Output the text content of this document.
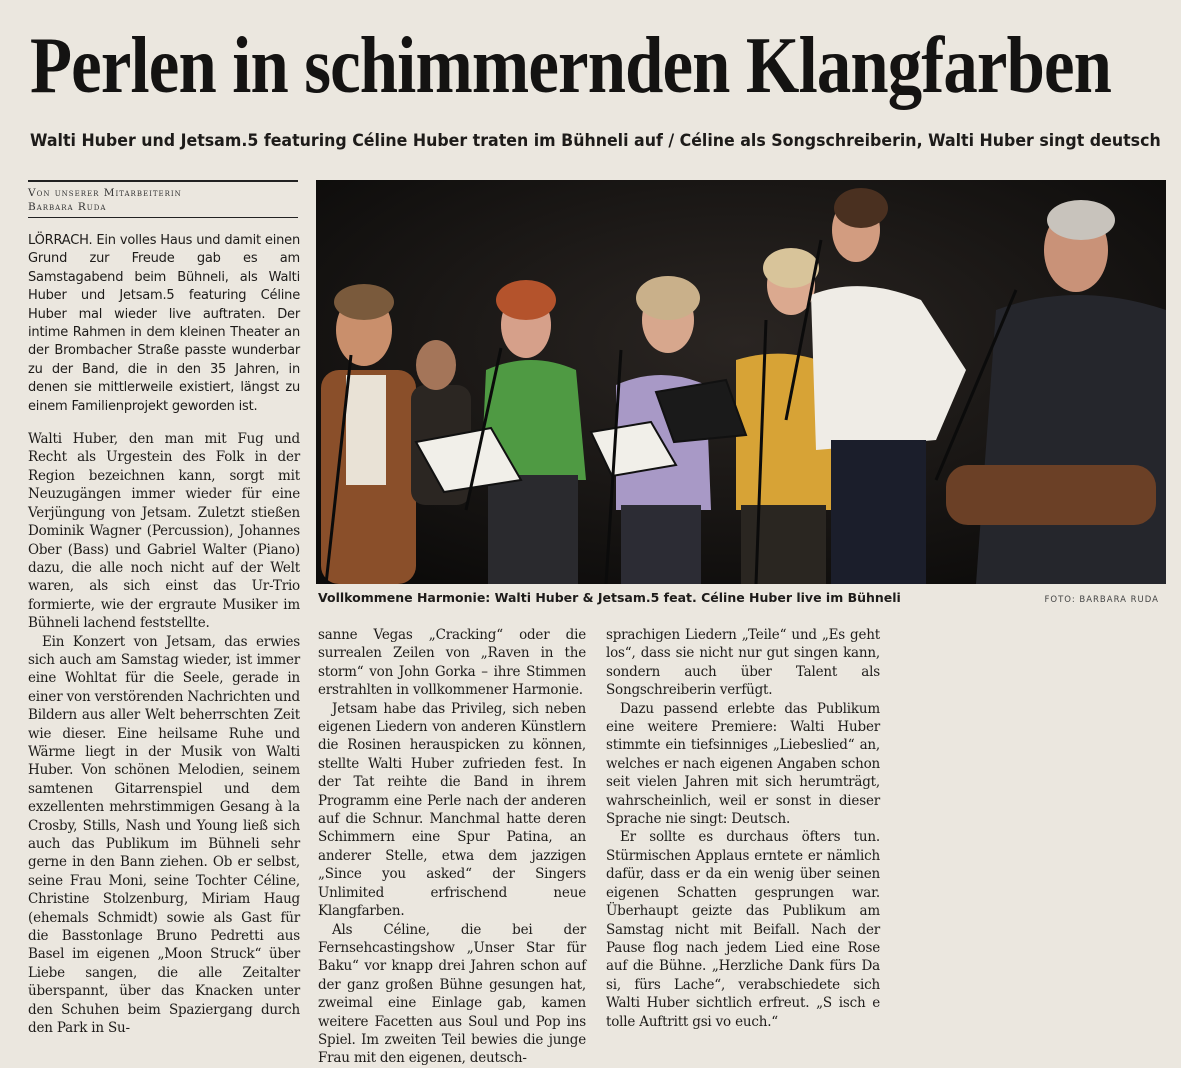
Perlen in schimmernden Klangfarben
Walti Huber und Jetsam.5 featuring Céline Huber traten im Bühneli auf / Céline als Songschreiberin, Walti Huber singt deutsch
Von unserer Mitarbeiterin
Barbara Ruda

LÖRRACH. Ein volles Haus und damit einen Grund zur Freude gab es am Samstagabend beim Bühneli, als Walti Huber und Jetsam.5 featuring Céline Huber mal wieder live auftraten. Der intime Rahmen in dem kleinen Theater an der Brombacher Straße passte wunderbar zu der Band, die in den 35 Jahren, in denen sie mittlerweile existiert, längst zu einem Familienprojekt geworden ist.

Walti Huber, den man mit Fug und Recht als Urgestein des Folk in der Region bezeichnen kann, sorgt mit Neuzugängen immer wieder für eine Verjüngung von Jetsam. Zuletzt stießen Dominik Wagner (Percussion), Johannes Ober (Bass) und Gabriel Walter (Piano) dazu, die alle noch nicht auf der Welt waren, als sich einst das Ur-Trio formierte, wie der ergraute Musiker im Bühneli lachend feststellte.

Ein Konzert von Jetsam, das erwies sich auch am Samstag wieder, ist immer eine Wohltat für die Seele, gerade in einer von verstörenden Nachrichten und Bildern aus aller Welt beherrschten Zeit wie dieser. Eine heilsame Ruhe und Wärme liegt in der Musik von Walti Huber. Von schönen Melodien, seinem samtenen Gitarrenspiel und dem exzellenten mehrstimmigen Gesang à la Crosby, Stills, Nash und Young ließ sich auch das Publikum im Bühneli sehr gerne in den Bann ziehen. Ob er selbst, seine Frau Moni, seine Tochter Céline, Christine Stolzenburg, Miriam Haug (ehemals Schmidt) sowie als Gast für die Basstonlage Bruno Pedretti aus Basel im eigenen „Moon Struck“ über Liebe sangen, die alle Zeitalter überspannt, über das Knacken unter den Schuhen beim Spaziergang durch den Park in Su-

Vollkommene Harmonie: Walti Huber & Jetsam.5 feat. Céline Huber live im Bühneli	FOTO: BARBARA RUDA

sanne Vegas „Cracking“ oder die surrealen Zeilen von „Raven in the storm“ von John Gorka – ihre Stimmen erstrahlten in vollkommener Harmonie.

Jetsam habe das Privileg, sich neben eigenen Liedern von anderen Künstlern die Rosinen herauspicken zu können, stellte Walti Huber zufrieden fest. In der Tat reihte die Band in ihrem Programm eine Perle nach der anderen auf die Schnur. Manchmal hatte deren Schimmern eine Spur Patina, an anderer Stelle, etwa dem jazzigen „Since you asked“ der Singers Unlimited erfrischend neue Klangfarben.

Als Céline, die bei der Fernsehcastingshow „Unser Star für Baku“ vor knapp drei Jahren schon auf der ganz großen Bühne gesungen hat, zweimal eine Einlage gab, kamen weitere Facetten aus Soul und Pop ins Spiel. Im zweiten Teil bewies die junge Frau mit den eigenen, deutsch-

sprachigen Liedern „Teile“ und „Es geht los“, dass sie nicht nur gut singen kann, sondern auch über Talent als Songschreiberin verfügt.

Dazu passend erlebte das Publikum eine weitere Premiere: Walti Huber stimmte ein tiefsinniges „Liebeslied“ an, welches er nach eigenen Angaben schon seit vielen Jahren mit sich herumträgt, wahrscheinlich, weil er sonst in dieser Sprache nie singt: Deutsch.

Er sollte es durchaus öfters tun. Stürmischen Applaus erntete er nämlich dafür, dass er da ein wenig über seinen eigenen Schatten gesprungen war. Überhaupt geizte das Publikum am Samstag nicht mit Beifall. Nach der Pause flog nach jedem Lied eine Rose auf die Bühne. „Herzliche Dank fürs Da si, fürs Lache“, verabschiedete sich Walti Huber sichtlich erfreut. „S isch e tolle Auftritt gsi vo euch.“
